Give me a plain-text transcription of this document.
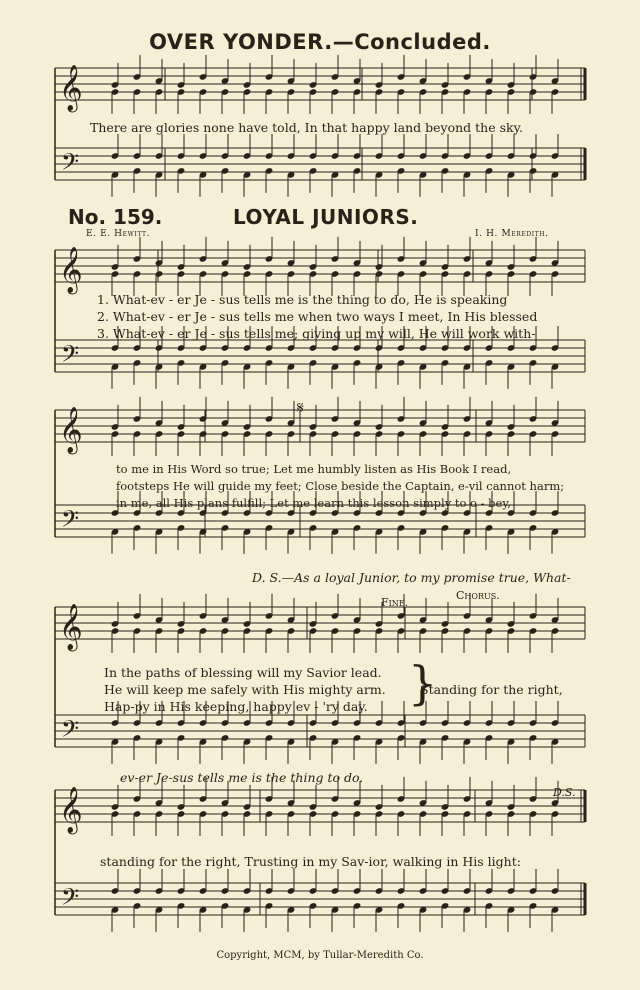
OVER YONDER.—Concluded.
𝄞
𝄢
𝄞
𝄢
𝄞
𝄢
𝄞
𝄢
𝄞
𝄢
There are glories none have told, In that happy land beyond the sky.
No. 159.	LOYAL JUNIORS.
E. E. Hewitt.	I. H. Meredith.
1. What-ev - er Je - sus tells me is the thing to do, He is speaking
2. What-ev - er Je - sus tells me when two ways I meet, In His blessed
3. What-ev - er Je - sus tells me; giving up my will, He will work with-
𝄋
to me in His Word so true; Let me humbly listen as His Book I read,
footsteps He will guide my feet; Close beside the Captain, e-vil cannot harm;
in me, all His plans fulfill; Let me learn this lesson simply to o - bey,
D. S.—As a loyal Junior, to my promise true, What-
Fine.
Chorus.
In the paths of blessing will my Savior lead.
He will keep me safely with His mighty arm.
Hap-py in His keeping, happy ev - 'ry day. }
Standing for the right,
ev-er Je-sus tells me is the thing to do.
D.S.
standing for the right, Trusting in my Sav-ior, walking in His light:
Copyright, MCM, by Tullar-Meredith Co.
